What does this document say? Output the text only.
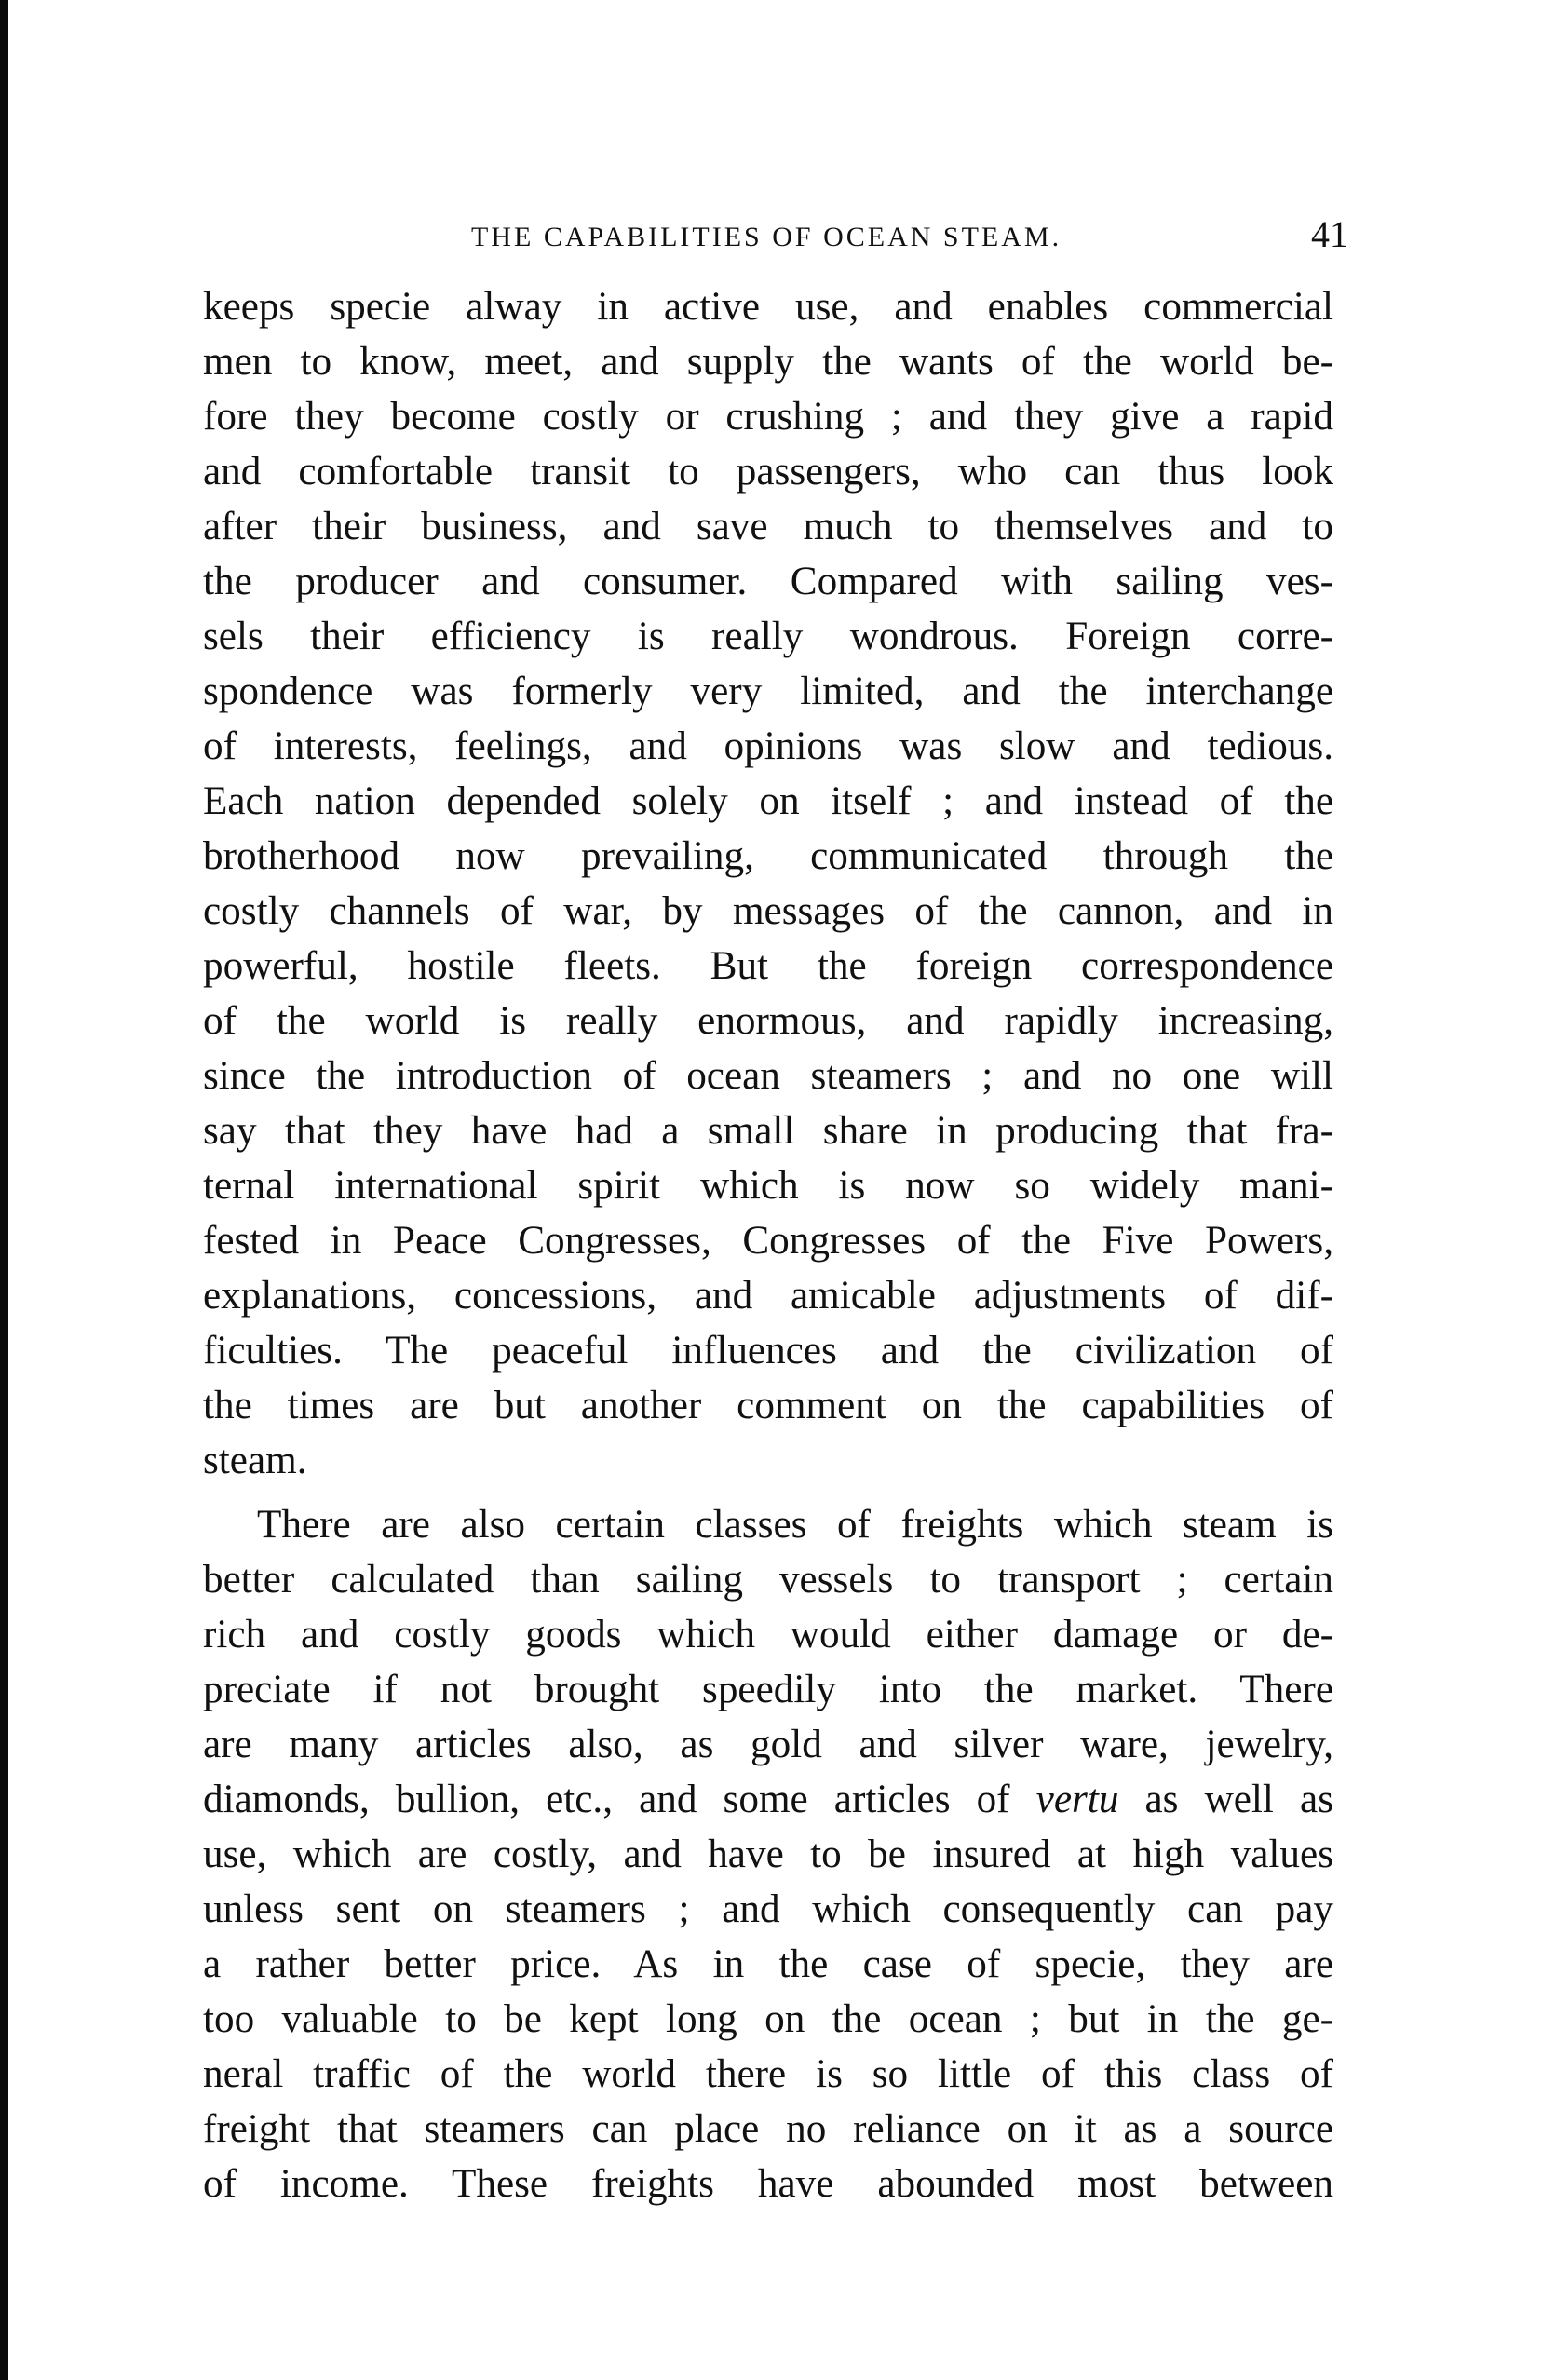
THE CAPABILITIES OF OCEAN STEAM.	41
keeps specie alway in active use, and enables commercial
men to know, meet, and supply the wants of the world be-
fore they become costly or crushing ; and they give a rapid
and comfortable transit to passengers, who can thus look
after their business, and save much to themselves and to
the producer and consumer. Compared with sailing ves-
sels their efficiency is really wondrous. Foreign corre-
spondence was formerly very limited, and the interchange
of interests, feelings, and opinions was slow and tedious.
Each nation depended solely on itself ; and instead of the
brotherhood now prevailing, communicated through the
costly channels of war, by messages of the cannon, and in
powerful, hostile fleets. But the foreign correspondence
of the world is really enormous, and rapidly increasing,
since the introduction of ocean steamers ; and no one will
say that they have had a small share in producing that fra-
ternal international spirit which is now so widely mani-
fested in Peace Congresses, Congresses of the Five Powers,
explanations, concessions, and amicable adjustments of dif-
ficulties. The peaceful influences and the civilization of
the times are but another comment on the capabilities of
steam.
There are also certain classes of freights which steam is
better calculated than sailing vessels to transport ; certain
rich and costly goods which would either damage or de-
preciate if not brought speedily into the market. There
are many articles also, as gold and silver ware, jewelry,
diamonds, bullion, etc., and some articles of vertu as well as
use, which are costly, and have to be insured at high values
unless sent on steamers ; and which consequently can pay
a rather better price. As in the case of specie, they are
too valuable to be kept long on the ocean ; but in the ge-
neral traffic of the world there is so little of this class of
freight that steamers can place no reliance on it as a source
of income. These freights have abounded most between
